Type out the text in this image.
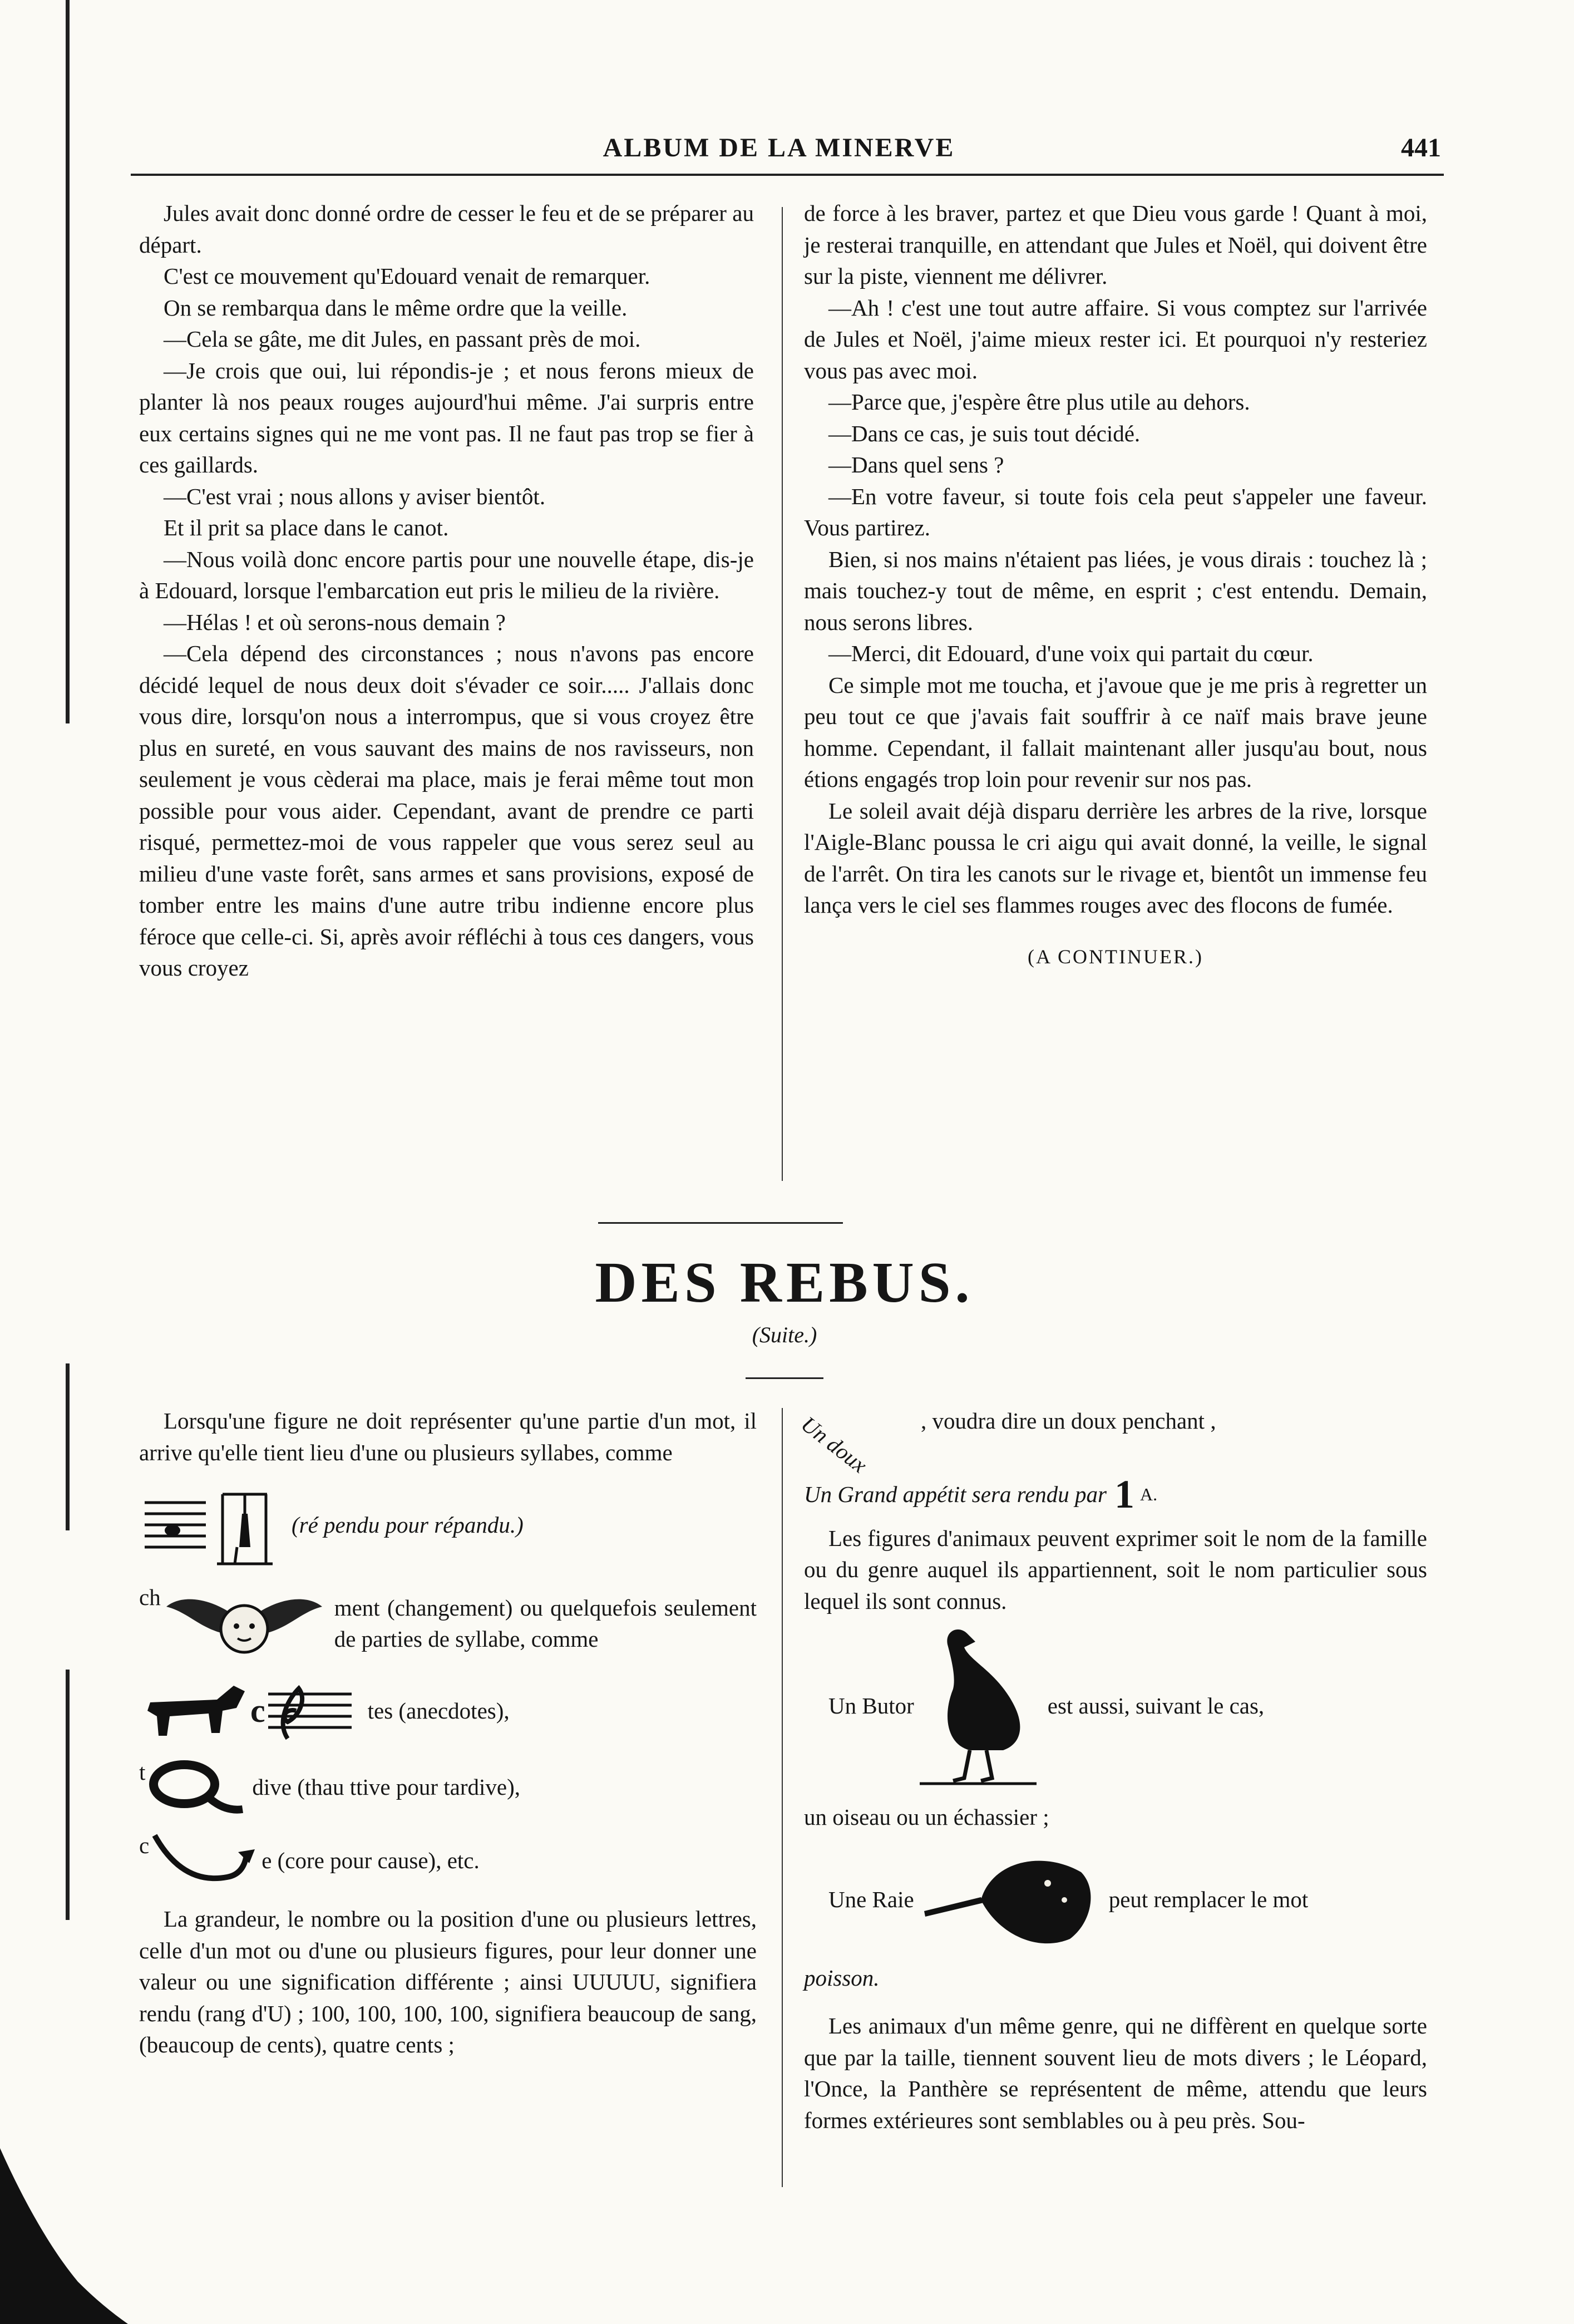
ALBUM DE LA MINERVE	441

Jules avait donc donné ordre de cesser le feu et de se préparer au départ.

C'est ce mouvement qu'Edouard venait de remarquer.

On se rembarqua dans le même ordre que la veille.

—Cela se gâte, me dit Jules, en passant près de moi.

—Je crois que oui, lui répondis-je ; et nous ferons mieux de planter là nos peaux rouges aujourd'hui même. J'ai surpris entre eux certains signes qui ne me vont pas. Il ne faut pas trop se fier à ces gaillards.

—C'est vrai ; nous allons y aviser bientôt.

Et il prit sa place dans le canot.

—Nous voilà donc encore partis pour une nouvelle étape, dis-je à Edouard, lorsque l'embarcation eut pris le milieu de la rivière.

—Hélas ! et où serons-nous demain ?

—Cela dépend des circonstances ; nous n'avons pas encore décidé lequel de nous deux doit s'évader ce soir..... J'allais donc vous dire, lorsqu'on nous a interrompus, que si vous croyez être plus en sureté, en vous sauvant des mains de nos ravisseurs, non seulement je vous cèderai ma place, mais je ferai même tout mon possible pour vous aider. Cependant, avant de prendre ce parti risqué, permettez-moi de vous rappeler que vous serez seul au milieu d'une vaste forêt, sans armes et sans provisions, exposé de tomber entre les mains d'une autre tribu indienne encore plus féroce que celle-ci. Si, après avoir réfléchi à tous ces dangers, vous vous croyez

de force à les braver, partez et que Dieu vous garde ! Quant à moi, je resterai tranquille, en attendant que Jules et Noël, qui doivent être sur la piste, viennent me délivrer.

—Ah ! c'est une tout autre affaire. Si vous comptez sur l'arrivée de Jules et Noël, j'aime mieux rester ici. Et pourquoi n'y resteriez vous pas avec moi.

—Parce que, j'espère être plus utile au dehors.

—Dans ce cas, je suis tout décidé.

—Dans quel sens ?

—En votre faveur, si toute fois cela peut s'appeler une faveur. Vous partirez.

Bien, si nos mains n'étaient pas liées, je vous dirais : touchez là ; mais touchez-y tout de même, en esprit ; c'est entendu. Demain, nous serons libres.

—Merci, dit Edouard, d'une voix qui partait du cœur.

Ce simple mot me toucha, et j'avoue que je me pris à regretter un peu tout ce que j'avais fait souffrir à ce naïf mais brave jeune homme. Cependant, il fallait maintenant aller jusqu'au bout, nous étions engagés trop loin pour revenir sur nos pas.

Le soleil avait déjà disparu derrière les arbres de la rive, lorsque l'Aigle-Blanc poussa le cri aigu qui avait donné, la veille, le signal de l'arrêt. On tira les canots sur le rivage et, bientôt un immense feu lança vers le ciel ses flammes rouges avec des flocons de fumée.

(A CONTINUER.)
DES REBUS.
(Suite.)

Lorsqu'une figure ne doit représenter qu'une partie d'un mot, il arrive qu'elle tient lieu d'une ou plusieurs syllabes, comme

(ré pendu pour répandu.)
ch	ment (changement) ou quelquefois seulement de parties de syllabe, comme
c	tes (anecdotes),
t
dive (thau ttive pour tardive),
c
e (core pour cause), etc.

La grandeur, le nombre ou la position d'une ou plusieurs lettres, celle d'un mot ou d'une ou plusieurs figures, pour leur donner une valeur ou une signification différente ; ainsi UUUUU, signifiera rendu (rang d'U) ; 100, 100, 100, 100, signifiera beaucoup de sang, (beaucoup de cents), quatre cents ;

Un doux	, voudra dire un doux penchant ,
Un Grand appétit sera rendu par 1 A.

Les figures d'animaux peuvent exprimer soit le nom de la famille ou du genre auquel ils appartiennent, soit le nom particulier sous lequel ils sont connus.

Un Butor	est aussi, suivant le cas,
un oiseau ou un échassier ;
Une Raie	peut remplacer le mot
poisson.

Les animaux d'un même genre, qui ne diffèrent en quelque sorte que par la taille, tiennent souvent lieu de mots divers ; le Léopard, l'Once, la Panthère se représentent de même, attendu que leurs formes extérieures sont semblables ou à peu près. Sou-
